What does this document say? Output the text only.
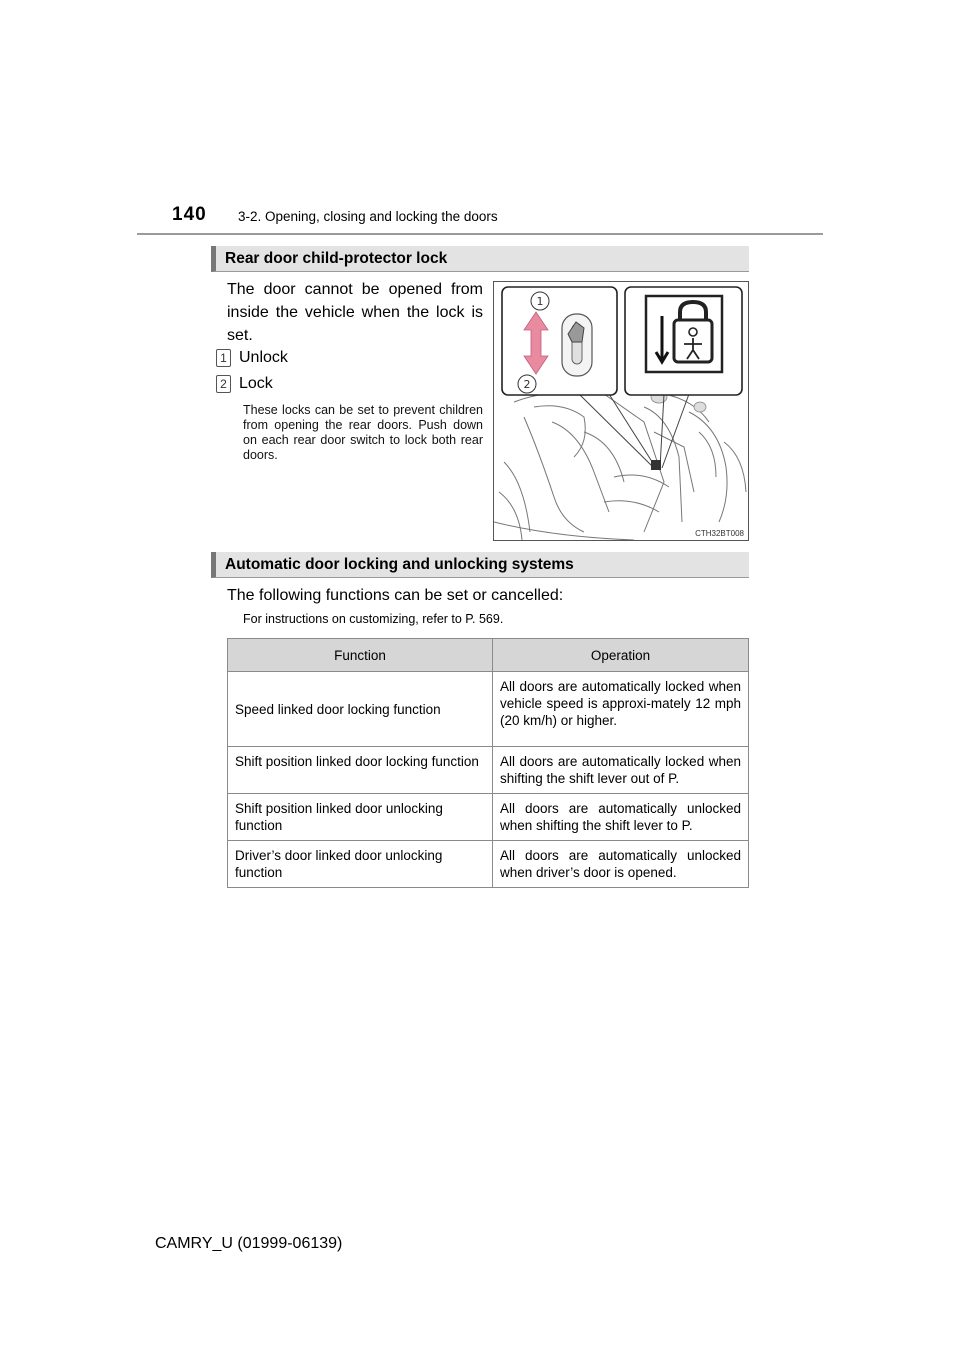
140 3-2. Opening, closing and locking the doors
Rear door child-protector lock
The door cannot be opened from inside the vehicle when the lock is set.
1 Unlock
2 Lock
These locks can be set to prevent children from opening the rear doors. Push down on each rear door switch to lock both rear doors.
1
2
CTH32BT008
Automatic door locking and unlocking systems
The following functions can be set or cancelled:
For instructions on customizing, refer to P. 569.
Function	Operation
Speed linked door locking function	All doors are automatically locked when vehicle speed is approxi-mately 12 mph (20 km/h) or higher.
Shift position linked door locking function	All doors are automatically locked when shifting the shift lever out of P.
Shift position linked door unlocking function	All doors are automatically unlocked when shifting the shift lever to P.
Driver’s door linked door unlocking function	All doors are automatically unlocked when driver’s door is opened.
CAMRY_U (01999-06139)
